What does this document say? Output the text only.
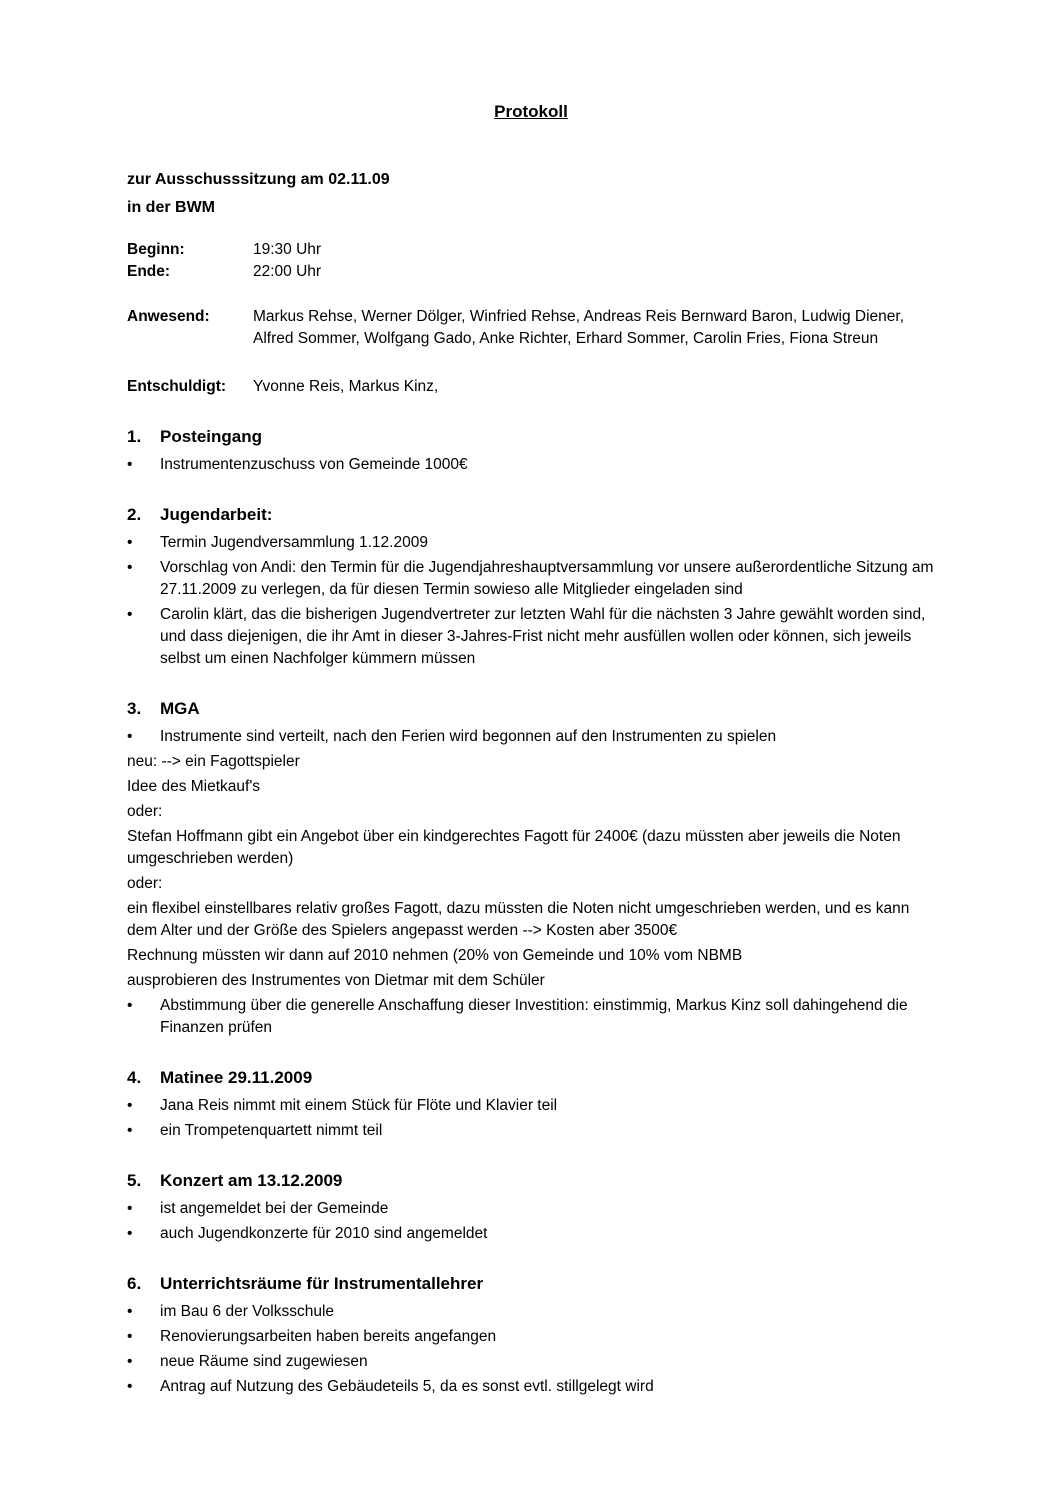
Protokoll
zur Ausschusssitzung am 02.11.09
in der BWM
Beginn:	19:30 Uhr
Ende:	22:00 Uhr
Anwesend:	Markus Rehse, Werner Dölger, Winfried Rehse, Andreas Reis Bernward Baron, Ludwig Diener, Alfred Sommer, Wolfgang Gado, Anke Richter, Erhard Sommer, Carolin Fries, Fiona Streun
Entschuldigt:	Yvonne Reis, Markus Kinz,
1.	Posteingang
•	Instrumentenzuschuss von Gemeinde 1000€
2.	Jugendarbeit:
•	Termin Jugendversammlung 1.12.2009
•	Vorschlag von Andi: den Termin für die Jugendjahreshauptversammlung vor unsere außerordentliche Sitzung am 27.11.2009 zu verlegen, da für diesen Termin sowieso alle Mitglieder eingeladen sind
•	Carolin klärt, das die bisherigen Jugendvertreter zur letzten Wahl für die nächsten 3 Jahre gewählt worden sind, und dass diejenigen, die ihr Amt in dieser 3-Jahres-Frist nicht mehr ausfüllen wollen oder können, sich jeweils selbst um einen Nachfolger kümmern müssen
3.	MGA
•	Instrumente sind verteilt, nach den Ferien wird begonnen auf den Instrumenten zu spielen
neu: --> ein Fagottspieler
Idee des Mietkauf's
oder:
Stefan Hoffmann gibt ein Angebot über ein kindgerechtes Fagott für 2400€ (dazu müssten aber jeweils die Noten umgeschrieben werden)
oder:
ein flexibel einstellbares relativ großes Fagott, dazu müssten die Noten nicht umgeschrieben werden, und es kann dem Alter und der Größe des Spielers angepasst werden --> Kosten aber 3500€
Rechnung müssten wir dann auf 2010 nehmen (20% von Gemeinde und 10% vom NBMB
ausprobieren des Instrumentes von Dietmar mit dem Schüler
•	Abstimmung über die generelle Anschaffung dieser Investition: einstimmig, Markus Kinz soll dahingehend die Finanzen prüfen
4.	Matinee 29.11.2009
•	Jana Reis nimmt mit einem Stück für Flöte und Klavier teil
•	ein Trompetenquartett nimmt teil
5.	Konzert am 13.12.2009
•	ist angemeldet bei der Gemeinde
•	auch Jugendkonzerte für 2010 sind angemeldet
6.	Unterrichtsräume für Instrumentallehrer
•	im Bau 6 der Volksschule
•	Renovierungsarbeiten haben bereits angefangen
•	neue Räume sind zugewiesen
•	Antrag auf Nutzung des Gebäudeteils 5, da es sonst evtl. stillgelegt wird
